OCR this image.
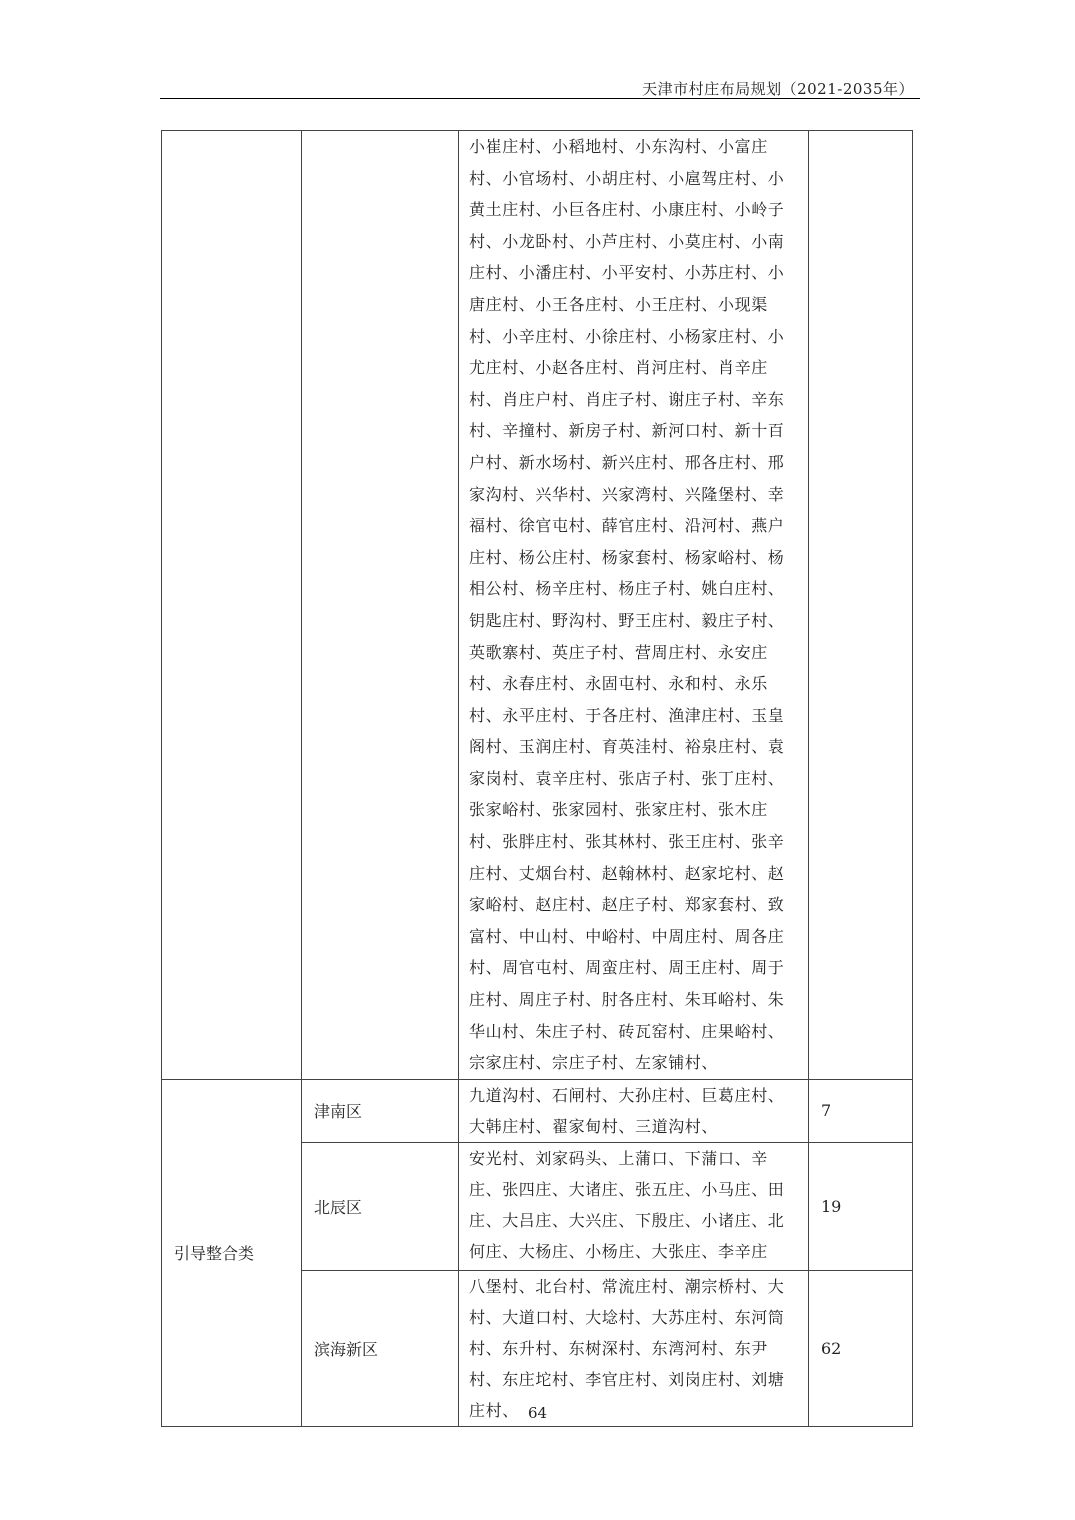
天津市村庄布局规划（2021-2035年）
		小崔庄村、小稻地村、小东沟村、小富庄村、小官场村、小胡庄村、小扈驾庄村、小黄土庄村、小巨各庄村、小康庄村、小岭子村、小龙卧村、小芦庄村、小莫庄村、小南庄村、小潘庄村、小平安村、小苏庄村、小唐庄村、小王各庄村、小王庄村、小现渠村、小辛庄村、小徐庄村、小杨家庄村、小尤庄村、小赵各庄村、肖河庄村、肖辛庄村、肖庄户村、肖庄子村、谢庄子村、辛东村、辛撞村、新房子村、新河口村、新十百户村、新水场村、新兴庄村、邢各庄村、邢家沟村、兴华村、兴家湾村、兴隆堡村、幸福村、徐官屯村、薛官庄村、沿河村、燕户庄村、杨公庄村、杨家套村、杨家峪村、杨相公村、杨辛庄村、杨庄子村、姚白庄村、钥匙庄村、野沟村、野王庄村、毅庄子村、英歌寨村、英庄子村、营周庄村、永安庄村、永春庄村、永固屯村、永和村、永乐村、永平庄村、于各庄村、渔津庄村、玉皇阁村、玉润庄村、育英洼村、裕泉庄村、袁家岗村、袁辛庄村、张店子村、张丁庄村、张家峪村、张家园村、张家庄村、张木庄村、张胖庄村、张其林村、张王庄村、张辛庄村、丈烟台村、赵翰林村、赵家坨村、赵家峪村、赵庄村、赵庄子村、郑家套村、致富村、中山村、中峪村、中周庄村、周各庄村、周官屯村、周蛮庄村、周王庄村、周于庄村、周庄子村、肘各庄村、朱耳峪村、朱华山村、朱庄子村、砖瓦窑村、庄果峪村、宗家庄村、宗庄子村、左家铺村、	
引导整合类	津南区	九道沟村、石闸村、大孙庄村、巨葛庄村、大韩庄村、翟家甸村、三道沟村、	7
	北辰区	安光村、刘家码头、上蒲口、下蒲口、辛庄、张四庄、大诸庄、张五庄、小马庄、田庄、大吕庄、大兴庄、下殷庄、小诸庄、北何庄、大杨庄、小杨庄、大张庄、李辛庄	19
	滨海新区	八堡村、北台村、常流庄村、潮宗桥村、大村、大道口村、大埝村、大苏庄村、东河筒村、东升村、东树深村、东湾河村、东尹村、东庄坨村、李官庄村、刘岗庄村、刘塘庄村、	62
64
